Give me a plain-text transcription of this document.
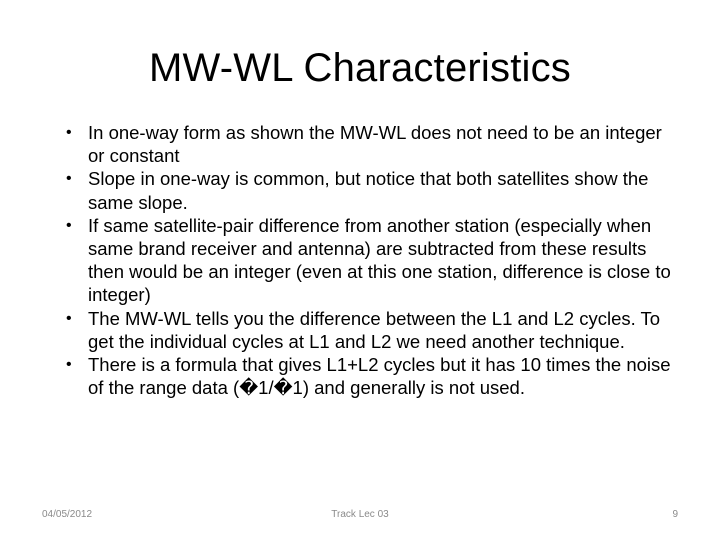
MW-WL Characteristics
• In one-way form as shown the MW-WL does not need to be an integer or constant
• Slope in one-way is common, but notice that both satellites show the same slope.
• If same satellite-pair difference from another station (especially when same brand receiver and antenna) are subtracted from these results then would be an integer (even at this one station, difference is close to integer)
• The MW-WL tells you the difference between the L1 and L2 cycles. To get the individual cycles at L1 and L2 we need another technique.
• There is a formula that gives L1+L2 cycles but it has 10 times the noise of the range data (�1/�1) and generally is not used.
04/05/2012	Track Lec 03	9
